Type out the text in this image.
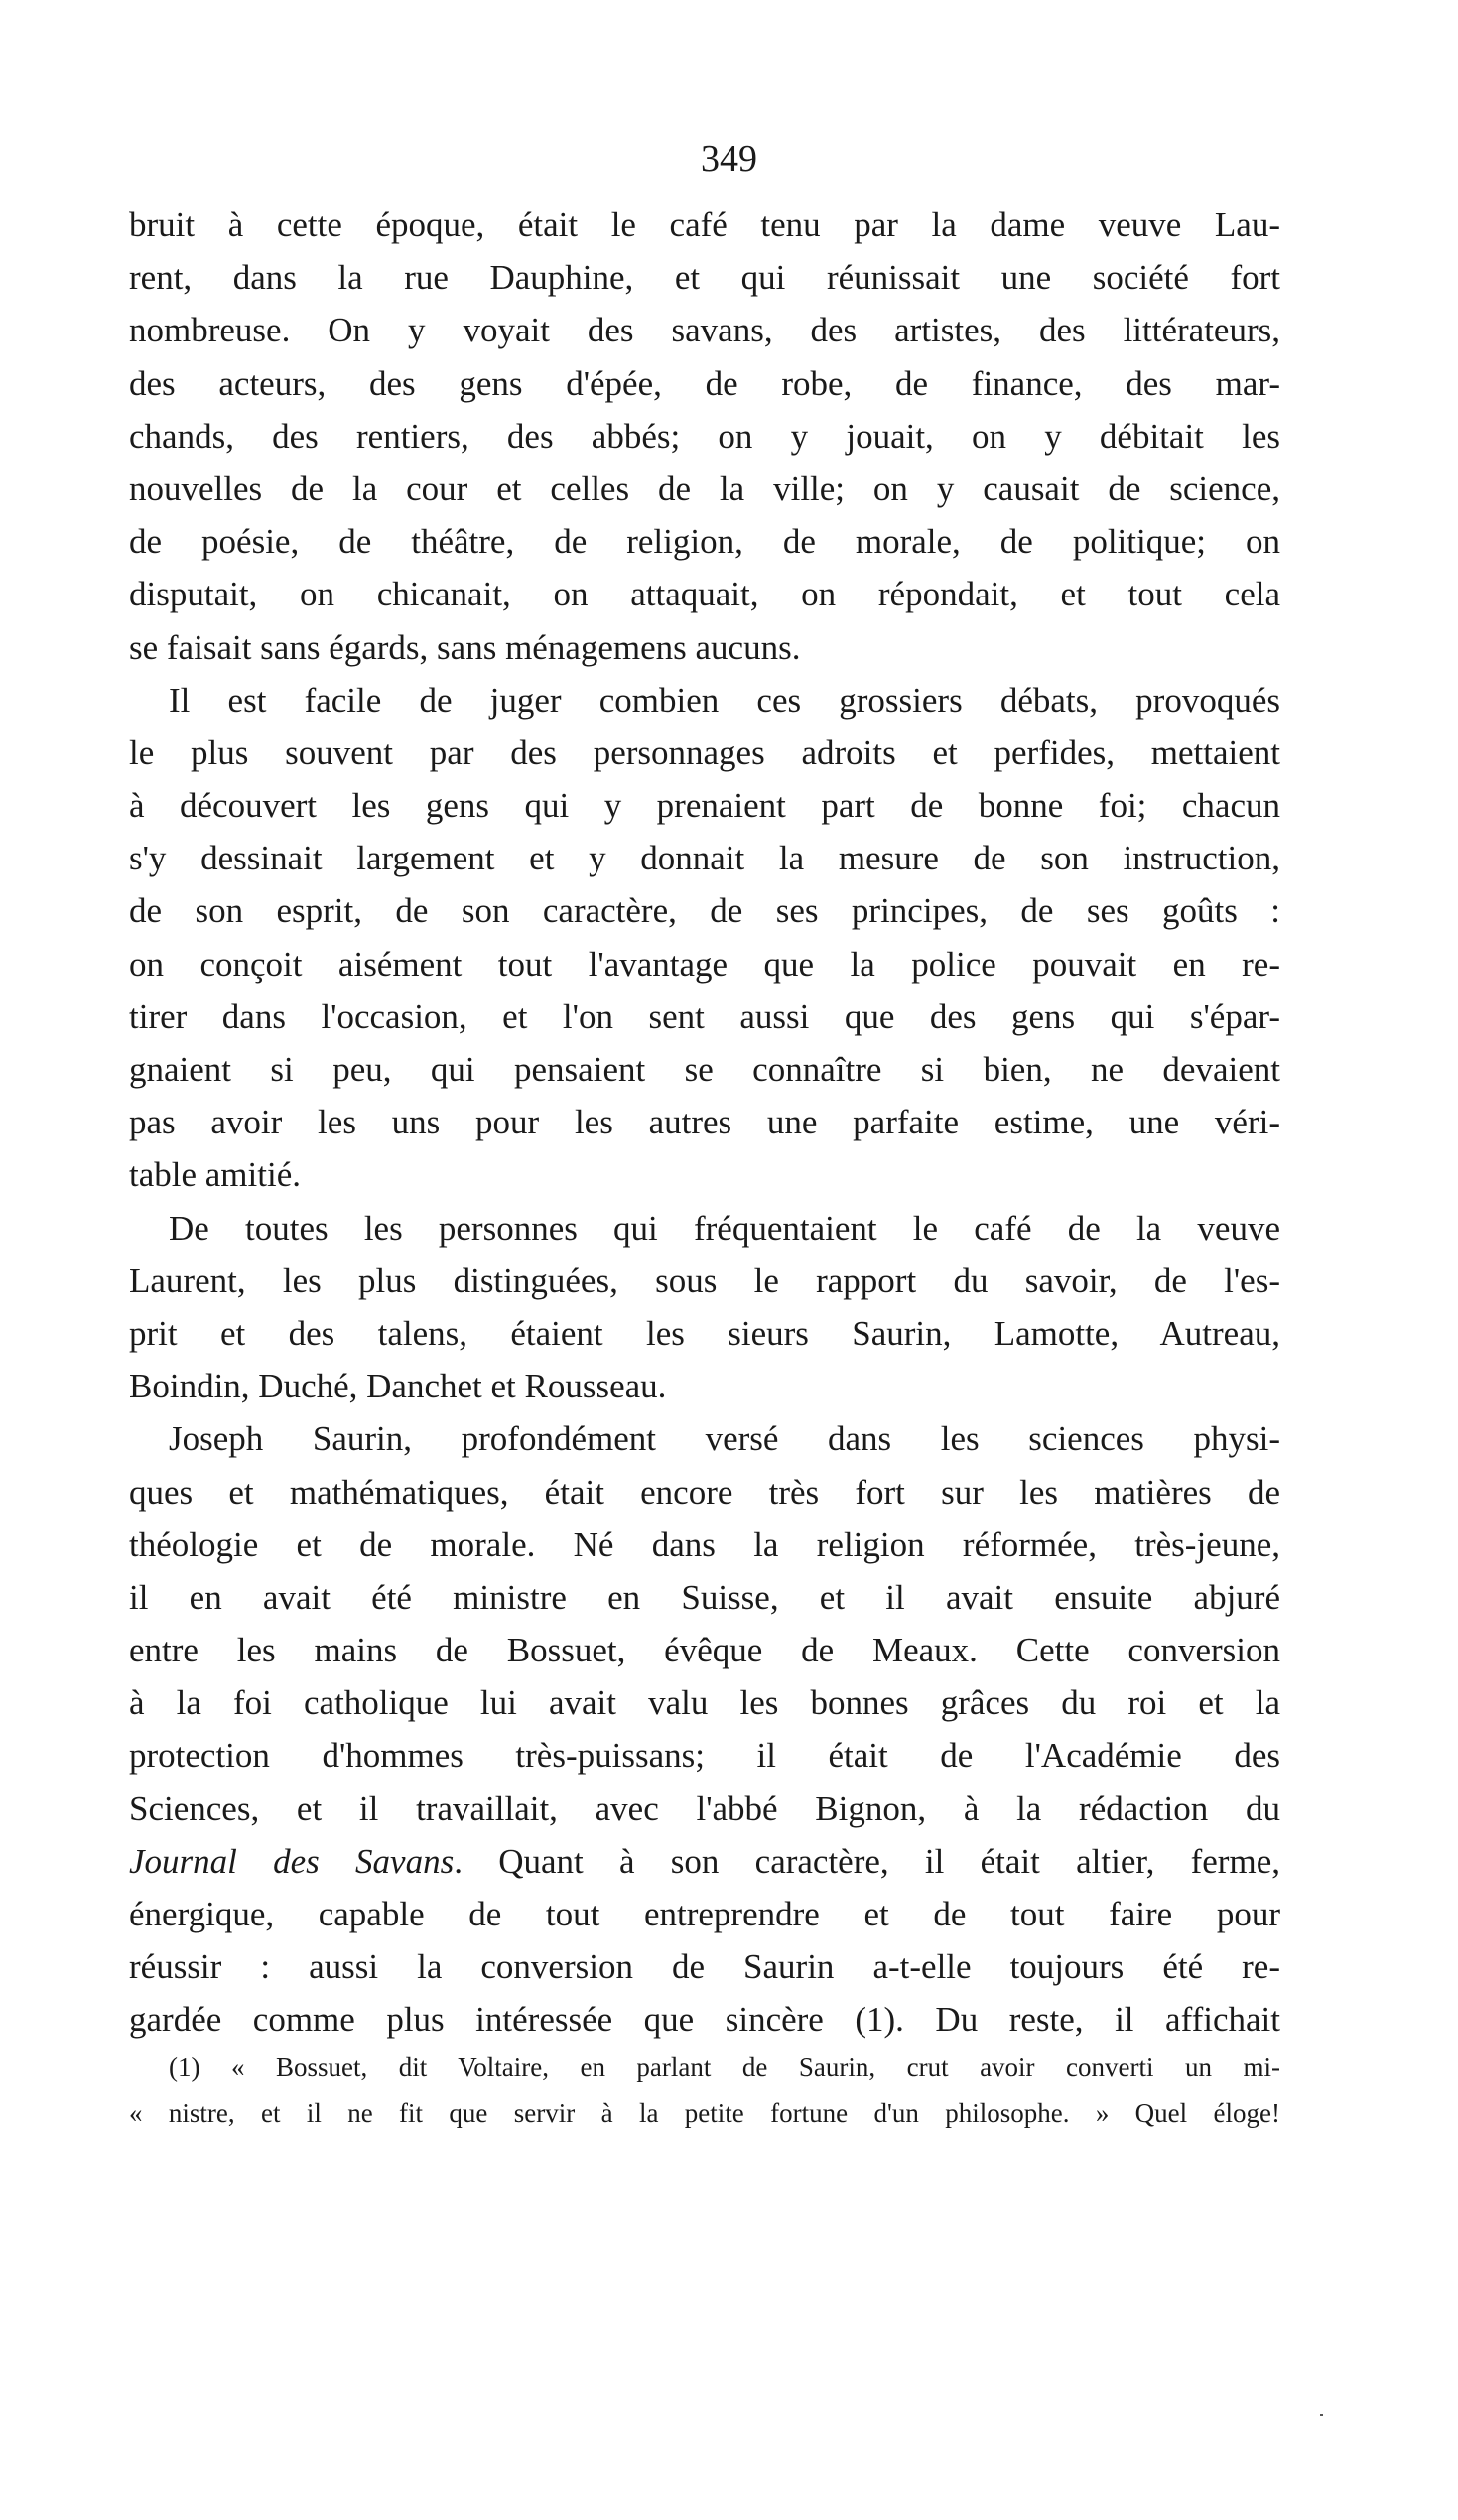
349
bruit à cette époque, était le café tenu par la dame veuve Lau-
rent, dans la rue Dauphine, et qui réunissait une société fort
nombreuse. On y voyait des savans, des artistes, des littérateurs,
des acteurs, des gens d'épée, de robe, de finance, des mar-
chands, des rentiers, des abbés; on y jouait, on y débitait les
nouvelles de la cour et celles de la ville; on y causait de science,
de poésie, de théâtre, de religion, de morale, de politique; on
disputait, on chicanait, on attaquait, on répondait, et tout cela
se faisait sans égards, sans ménagemens aucuns.
Il est facile de juger combien ces grossiers débats, provoqués
le plus souvent par des personnages adroits et perfides, mettaient
à découvert les gens qui y prenaient part de bonne foi; chacun
s'y dessinait largement et y donnait la mesure de son instruction,
de son esprit, de son caractère, de ses principes, de ses goûts :
on conçoit aisément tout l'avantage que la police pouvait en re-
tirer dans l'occasion, et l'on sent aussi que des gens qui s'épar-
gnaient si peu, qui pensaient se connaître si bien, ne devaient
pas avoir les uns pour les autres une parfaite estime, une véri-
table amitié.
De toutes les personnes qui fréquentaient le café de la veuve
Laurent, les plus distinguées, sous le rapport du savoir, de l'es-
prit et des talens, étaient les sieurs Saurin, Lamotte, Autreau,
Boindin, Duché, Danchet et Rousseau.
Joseph Saurin, profondément versé dans les sciences physi-
ques et mathématiques, était encore très fort sur les matières de
théologie et de morale. Né dans la religion réformée, très-jeune,
il en avait été ministre en Suisse, et il avait ensuite abjuré
entre les mains de Bossuet, évêque de Meaux. Cette conversion
à la foi catholique lui avait valu les bonnes grâces du roi et la
protection d'hommes très-puissans; il était de l'Académie des
Sciences, et il travaillait, avec l'abbé Bignon, à la rédaction du
Journal des Savans. Quant à son caractère, il était altier, ferme,
énergique, capable de tout entreprendre et de tout faire pour
réussir : aussi la conversion de Saurin a-t-elle toujours été re-
gardée comme plus intéressée que sincère (1). Du reste, il affichait
(1) « Bossuet, dit Voltaire, en parlant de Saurin, crut avoir converti un mi-
« nistre, et il ne fit que servir à la petite fortune d'un philosophe. » Quel éloge!
